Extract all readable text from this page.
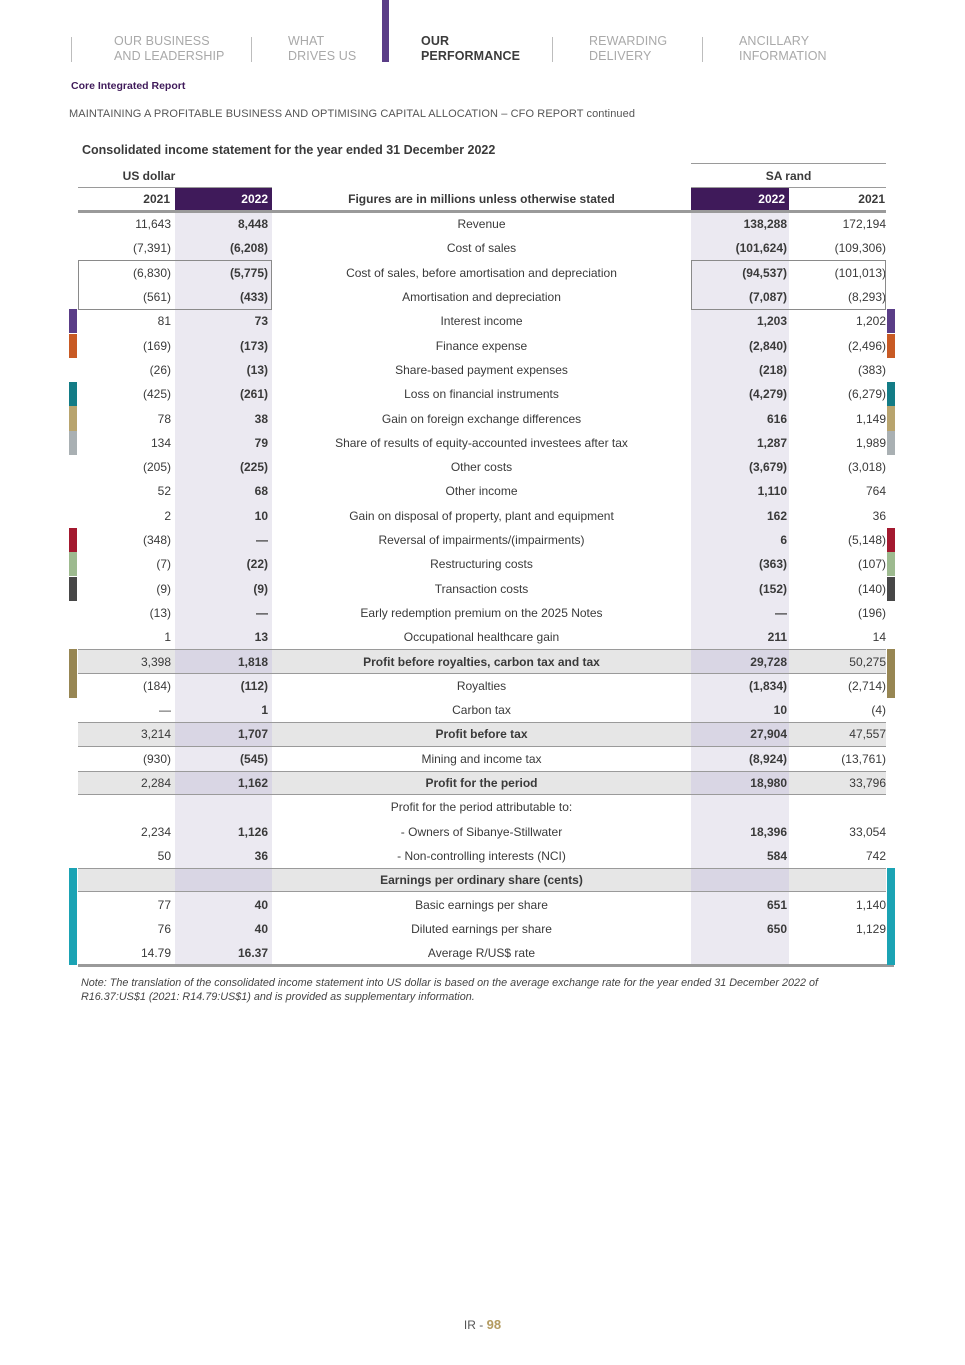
OUR BUSINESS
AND LEADERSHIP
WHAT
DRIVES US
OUR
PERFORMANCE
REWARDING
DELIVERY
ANCILLARY
INFORMATION
Core Integrated Report
MAINTAINING A PROFITABLE BUSINESS AND OPTIMISING CAPITAL ALLOCATION – CFO REPORT continued
Consolidated income statement for the year ended 31 December 2022
US dollar	SA rand
2021	2022	Figures are in millions unless otherwise stated	2022	2021
11,643	8,448	Revenue	138,288	172,194
(7,391)	(6,208)	Cost of sales	(101,624)	(109,306)
(6,830)	(5,775)	Cost of sales, before amortisation and depreciation	(94,537)	(101,013)
(561)	(433)	Amortisation and depreciation	(7,087)	(8,293)
81	73	Interest income	1,203	1,202
(169)	(173)	Finance expense	(2,840)	(2,496)
(26)	(13)	Share-based payment expenses	(218)	(383)
(425)	(261)	Loss on financial instruments	(4,279)	(6,279)
78	38	Gain on foreign exchange differences	616	1,149
134	79	Share of results of equity-accounted investees after tax	1,287	1,989
(205)	(225)	Other costs	(3,679)	(3,018)
52	68	Other income	1,110	764
2	10	Gain on disposal of property, plant and equipment	162	36
(348)	—	Reversal of impairments/(impairments)	6	(5,148)
(7)	(22)	Restructuring costs	(363)	(107)
(9)	(9)	Transaction costs	(152)	(140)
(13)	—	Early redemption premium on the 2025 Notes	—	(196)
1	13	Occupational healthcare gain	211	14
3,398	1,818	Profit before royalties, carbon tax and tax	29,728	50,275
(184)	(112)	Royalties	(1,834)	(2,714)
—	1	Carbon tax	10	(4)
3,214	1,707	Profit before tax	27,904	47,557
(930)	(545)	Mining and income tax	(8,924)	(13,761)
2,284	1,162	Profit for the period	18,980	33,796
Profit for the period attributable to:
2,234	1,126	- Owners of Sibanye-Stillwater	18,396	33,054
50	36	- Non-controlling interests (NCI)	584	742
Earnings per ordinary share (cents)
77	40	Basic earnings per share	651	1,140
76	40	Diluted earnings per share	650	1,129
14.79	16.37	Average R/US$ rate
Note: The translation of the consolidated income statement into US dollar is based on the average exchange rate for the year ended 31 December 2022 of R16.37:US$1 (2021: R14.79:US$1) and is provided as supplementary information.
IR - 98
